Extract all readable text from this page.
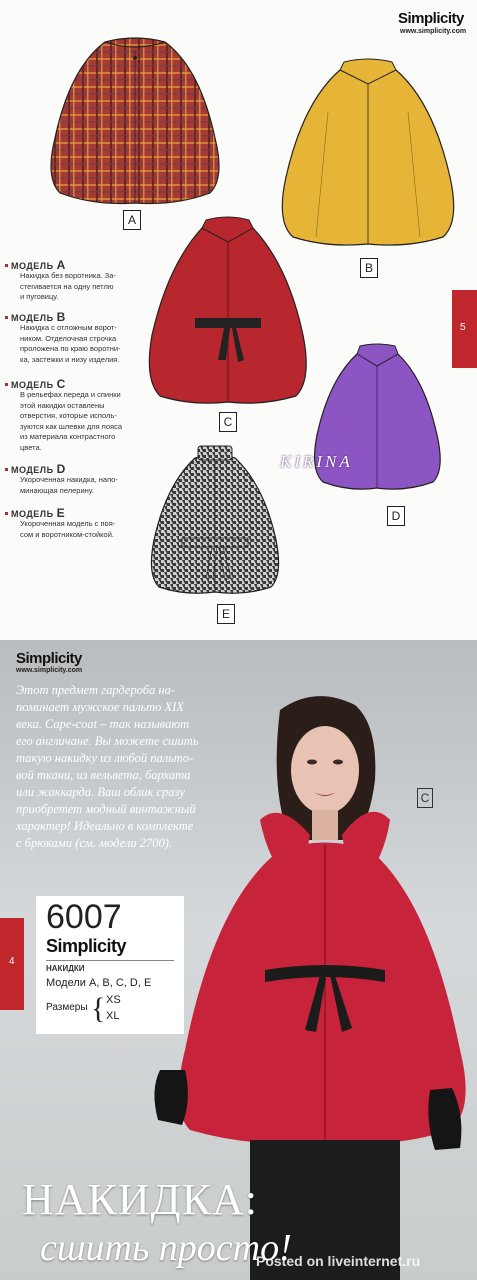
Simplicity
www.simplicity.com
A
B
C
D
E
KIRINA
5
МОДЕЛЬ A
Накидка без воротника. За-
стегивается на одну петлю
и пуговицу.
МОДЕЛЬ B
Накидка с отложным ворот-
ником. Отделочная строчка
проложена по краю воротни-
ка, застежки и низу изделия.
МОДЕЛЬ C
В рельефах переда и спинки
этой накидки оставлены
отверстия, которые исполь-
зуются как шлевки для пояса
из материала контрастного
цвета.
МОДЕЛЬ D
Укороченная накидка, напо-
минающая пелерину.
МОДЕЛЬ E
Укороченная модель с поя-
сом и воротником-стойкой.
Simplicity
www.simplicity.com
Этот предмет гардероба на-
поминает мужское пальто XIX
века. Cape-coat – так называют
его англичане. Вы можете сшить
такую накидку из любой пальто-
вой ткани, из вельвета, бархата
или жаккарда. Ваш облик сразу
приобретет модный винтажный
характер! Идеально в комплекте
с брюками (см. модели 2700).
C
4
6007
Simplicity
НАКИДКИ
Модели А, В, С, D, Е
Размеры { XS
XL
НАКИДКА:
сшить просто!
Posted on liveinternet.ru
